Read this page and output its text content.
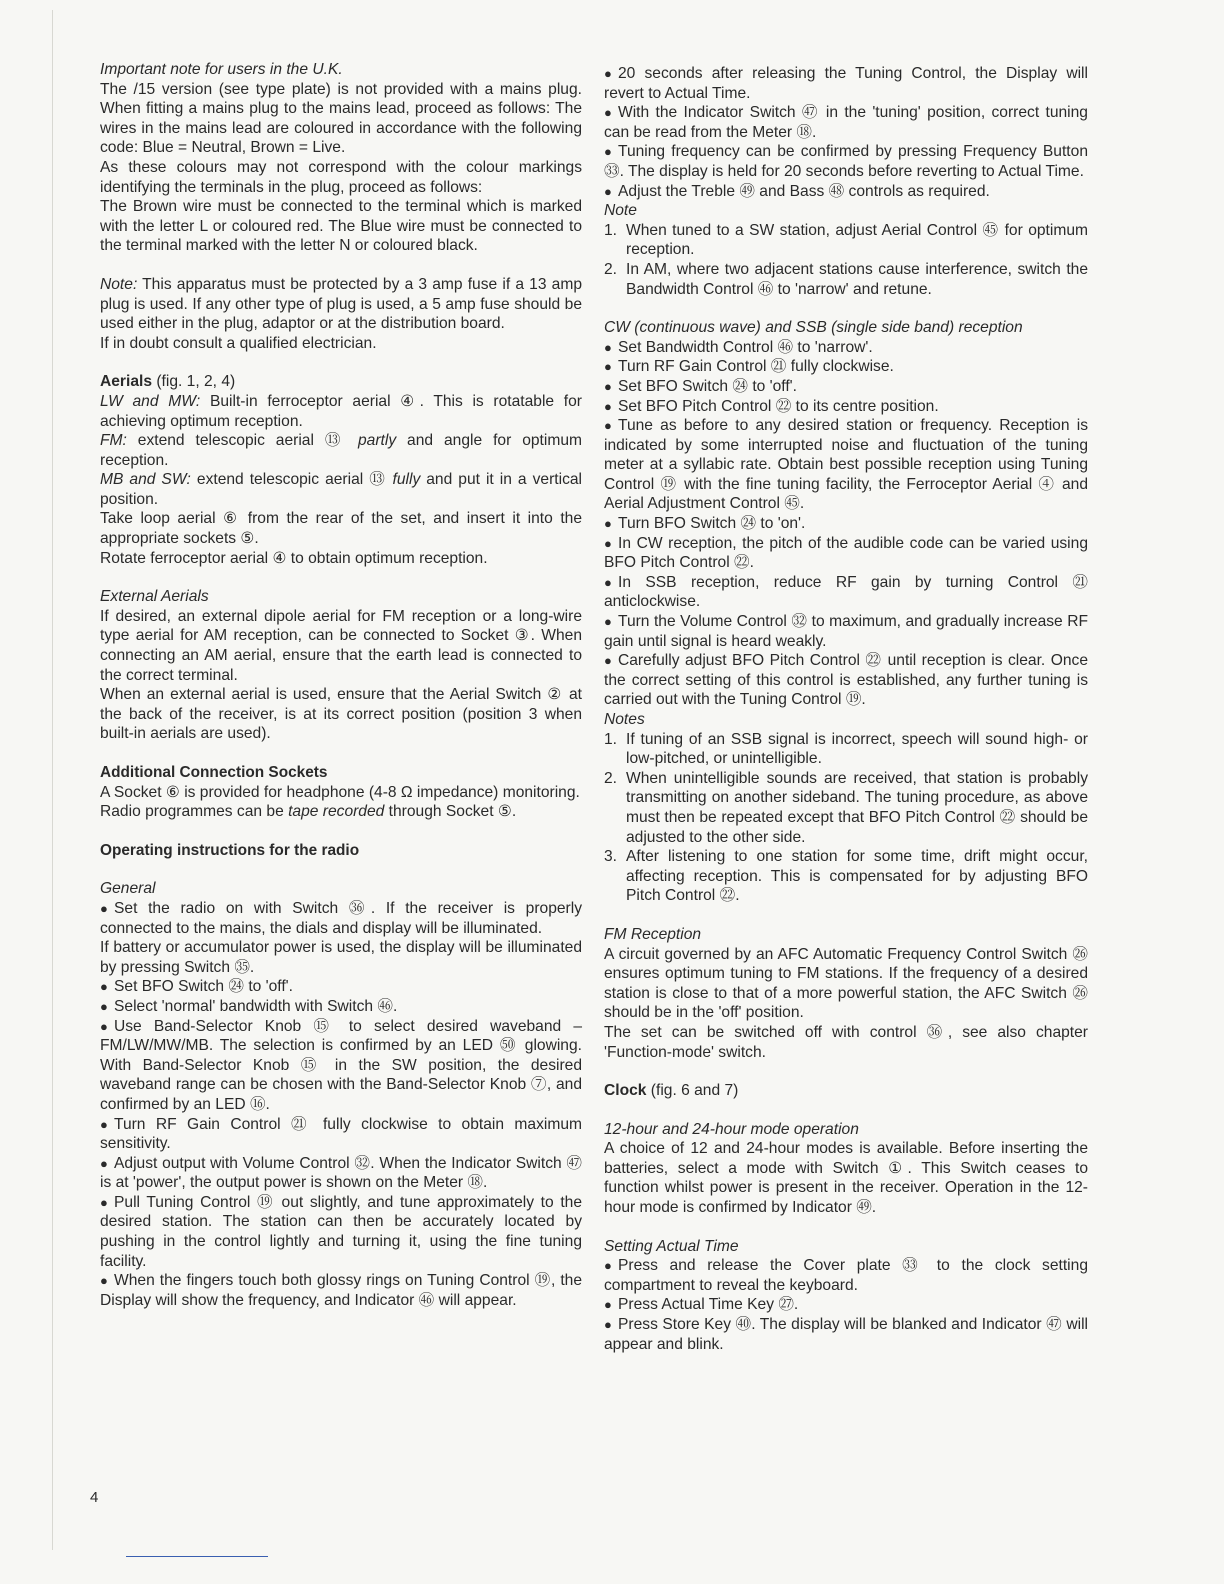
Important note for users in the U.K.

The /15 version (see type plate) is not provided with a mains plug. When fitting a mains plug to the mains lead, proceed as follows: The wires in the mains lead are coloured in accordance with the following code: Blue = Neutral, Brown = Live.

As these colours may not correspond with the colour markings identifying the terminals in the plug, proceed as follows:

The Brown wire must be connected to the terminal which is marked with the letter L or coloured red. The Blue wire must be connected to the terminal marked with the letter N or coloured black.

Note: This apparatus must be protected by a 3 amp fuse if a 13 amp plug is used. If any other type of plug is used, a 5 amp fuse should be used either in the plug, adaptor or at the distribution board.

If in doubt consult a qualified electrician.

Aerials (fig. 1, 2, 4)

LW and MW: Built-in ferroceptor aerial ④. This is rotatable for achieving optimum reception.

FM: extend telescopic aerial ⑬ partly and angle for optimum reception.

MB and SW: extend telescopic aerial ⑬ fully and put it in a vertical position.

Take loop aerial ⑥ from the rear of the set, and insert it into the appropriate sockets ⑤.

Rotate ferroceptor aerial ④ to obtain optimum reception.

External Aerials

If desired, an external dipole aerial for FM reception or a long-wire type aerial for AM reception, can be connected to Socket ③. When connecting an AM aerial, ensure that the earth lead is connected to the correct terminal.

When an external aerial is used, ensure that the Aerial Switch ② at the back of the receiver, is at its correct position (position 3 when built-in aerials are used).

Additional Connection Sockets

A Socket ⑥ is provided for headphone (4-8 Ω impedance) monitoring.

Radio programmes can be tape recorded through Socket ⑤.

Operating instructions for the radio

General

● Set the radio on with Switch ㊱. If the receiver is properly connected to the mains, the dials and display will be illuminated.

If battery or accumulator power is used, the display will be illuminated by pressing Switch ㉟.

● Set BFO Switch ㉔ to 'off'.

● Select 'normal' bandwidth with Switch ㊻.

● Use Band-Selector Knob ⑮ to select desired waveband – FM/LW/MW/MB. The selection is confirmed by an LED ㊿ glowing. With Band-Selector Knob ⑮ in the SW position, the desired waveband range can be chosen with the Band-Selector Knob ⑦, and confirmed by an LED ⑯.

● Turn RF Gain Control ㉑ fully clockwise to obtain maximum sensitivity.

● Adjust output with Volume Control ㉜. When the Indicator Switch ㊼ is at 'power', the output power is shown on the Meter ⑱.

● Pull Tuning Control ⑲ out slightly, and tune approximately to the desired station. The station can then be accurately located by pushing in the control lightly and turning it, using the fine tuning facility.

● When the fingers touch both glossy rings on Tuning Control ⑲, the Display will show the frequency, and Indicator ㊻ will appear.

● 20 seconds after releasing the Tuning Control, the Display will revert to Actual Time.

● With the Indicator Switch ㊼ in the 'tuning' position, correct tuning can be read from the Meter ⑱.

● Tuning frequency can be confirmed by pressing Frequency Button ㉝. The display is held for 20 seconds before reverting to Actual Time.

● Adjust the Treble ㊾ and Bass ㊽ controls as required.

Note

1. When tuned to a SW station, adjust Aerial Control ㊺ for optimum reception.
2. In AM, where two adjacent stations cause interference, switch the Bandwidth Control ㊻ to 'narrow' and retune.

CW (continuous wave) and SSB (single side band) reception

● Set Bandwidth Control ㊻ to 'narrow'.

● Turn RF Gain Control ㉑ fully clockwise.

● Set BFO Switch ㉔ to 'off'.

● Set BFO Pitch Control ㉒ to its centre position.

● Tune as before to any desired station or frequency. Reception is indicated by some interrupted noise and fluctuation of the tuning meter at a syllabic rate. Obtain best possible reception using Tuning Control ⑲ with the fine tuning facility, the Ferroceptor Aerial ④ and Aerial Adjustment Control ㊺.

● Turn BFO Switch ㉔ to 'on'.

● In CW reception, the pitch of the audible code can be varied using BFO Pitch Control ㉒.

● In SSB reception, reduce RF gain by turning Control ㉑ anticlockwise.

● Turn the Volume Control ㉜ to maximum, and gradually increase RF gain until signal is heard weakly.

● Carefully adjust BFO Pitch Control ㉒ until reception is clear. Once the correct setting of this control is established, any further tuning is carried out with the Tuning Control ⑲.

Notes

1. If tuning of an SSB signal is incorrect, speech will sound high- or low-pitched, or unintelligible.
2. When unintelligible sounds are received, that station is probably transmitting on another sideband. The tuning procedure, as above must then be repeated except that BFO Pitch Control ㉒ should be adjusted to the other side.
3. After listening to one station for some time, drift might occur, affecting reception. This is compensated for by adjusting BFO Pitch Control ㉒.

FM Reception

A circuit governed by an AFC Automatic Frequency Control Switch ㉖ ensures optimum tuning to FM stations. If the frequency of a desired station is close to that of a more powerful station, the AFC Switch ㉖ should be in the 'off' position.

The set can be switched off with control ㊱, see also chapter 'Function-mode' switch.

Clock (fig. 6 and 7)

12-hour and 24-hour mode operation

A choice of 12 and 24-hour modes is available. Before inserting the batteries, select a mode with Switch ①. This Switch ceases to function whilst power is present in the receiver. Operation in the 12-hour mode is confirmed by Indicator ㊾.

Setting Actual Time

● Press and release the Cover plate ㉝ to the clock setting compartment to reveal the keyboard.

● Press Actual Time Key ㉗.

● Press Store Key ㊵. The display will be blanked and Indicator ㊼ will appear and blink.

4
